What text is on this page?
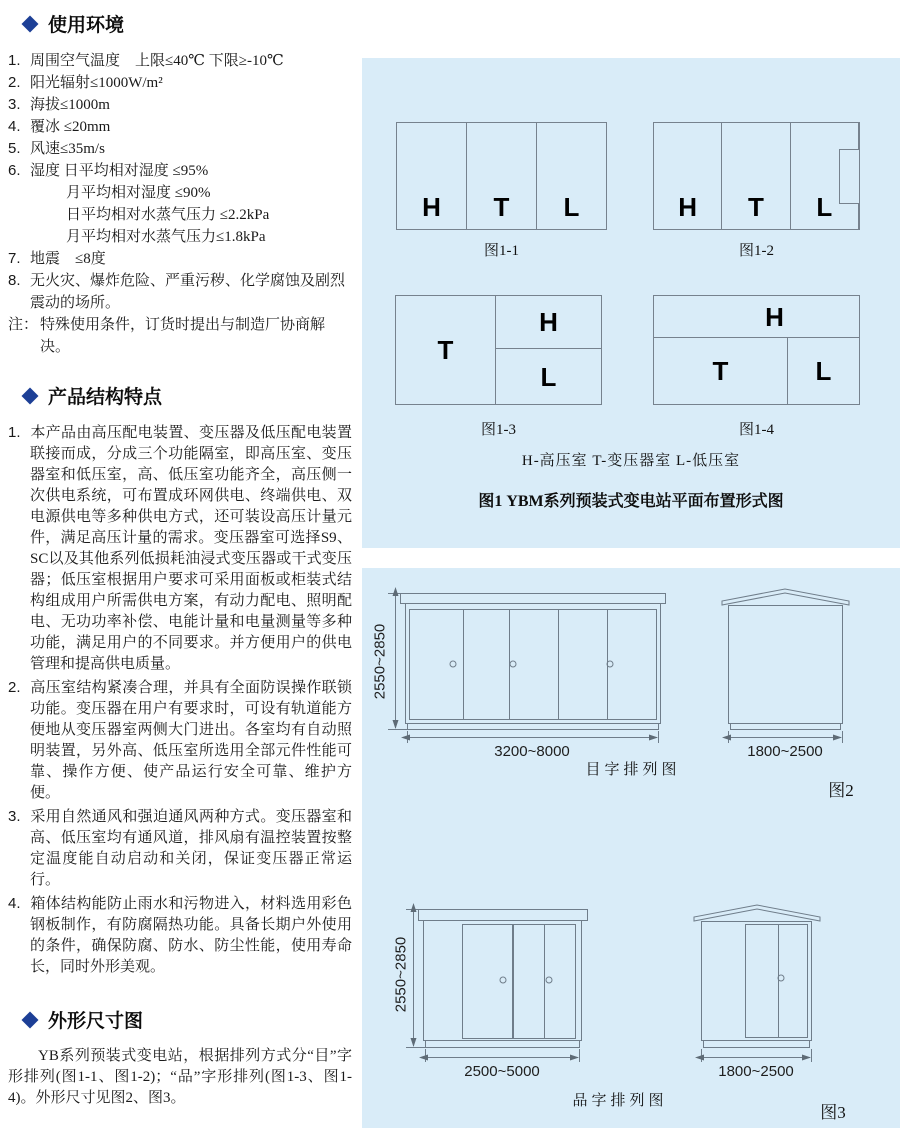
使用环境
1. 周围空气温度　上限≤40℃ 下限≥-10℃
2. 阳光辐射≤1000W/m²
3. 海拔≤1000m
4. 覆冰 ≤20mm
5. 风速≤35m/s
6. 湿度 日平均相对湿度 ≤95%
月平均相对湿度 ≤90%
日平均相对水蒸气压力 ≤2.2kPa
月平均相对水蒸气压力≤1.8kPa
7. 地震　≤8度
8. 无火灾、爆炸危险、严重污秽、化学腐蚀及剧烈震动的场所。
注： 特殊使用条件，订货时提出与制造厂协商解决。
产品结构特点

1. 本产品由高压配电装置、变压器及低压配电装置联接而成，分成三个功能隔室，即高压室、变压器室和低压室，高、低压室功能齐全，高压侧一次供电系统，可布置成环网供电、终端供电、双电源供电等多种供电方式，还可装设高压计量元件，满足高压计量的需求。变压器室可选择S9、SC以及其他系列低损耗油浸式变压器或干式变压器；低压室根据用户要求可采用面板或柜装式结构组成用户所需供电方案，有动力配电、照明配电、无功功率补偿、电能计量和电量测量等多种功能，满足用户的不同要求。并方便用户的供电管理和提高供电质量。

2. 高压室结构紧凑合理，并具有全面防误操作联锁功能。变压器在用户有要求时，可设有轨道能方便地从变压器室两侧大门进出。各室均有自动照明装置，另外高、低压室所选用全部元件性能可靠、操作方便、使产品运行安全可靠、维护方便。

3. 采用自然通风和强迫通风两种方式。变压器室和高、低压室均有通风道，排风扇有温控装置按整定温度能自动启动和关闭，保证变压器正常运行。

4. 箱体结构能防止雨水和污物进入，材料选用彩色钢板制作，有防腐隔热功能。具备长期户外使用的条件，确保防腐、防水、防尘性能，使用寿命长，同时外形美观。

外形尺寸图

YB系列预装式变电站，根据排列方式分“目”字形排列(图1-1、图1-2)；“品”字形排列(图1-3、图1-4)。外形尺寸见图2、图3。

H T L
图1-1
H T L
图1-2
T
H
L
图1-3
H
T	L
图1-4
H-高压室 T-变压器室 L-低压室
图1 YBM系列预装式变电站平面布置形式图
2550~2850
3200~8000	1800~2500
目字排列图
图2
2550~2850
2500~5000	1800~2500
品字排列图
图3
